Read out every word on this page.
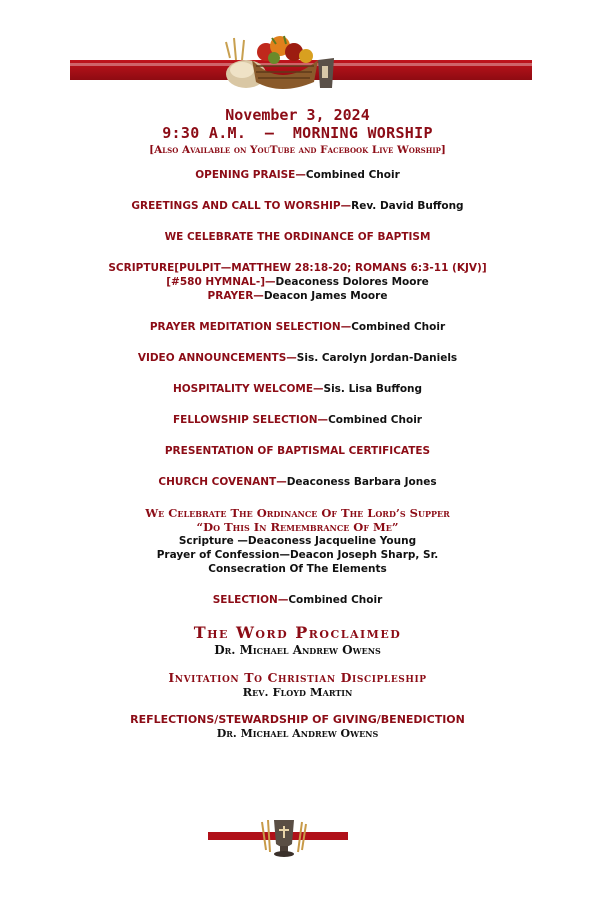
November 3, 2024
9:30 A.M.  —  MORNING WORSHIP
[Also Available on YouTube and Facebook Live Worship]
OPENING PRAISE—Combined Choir
GREETINGS AND CALL TO WORSHIP—Rev. David Buffong
WE CELEBRATE THE ORDINANCE OF BAPTISM
SCRIPTURE[PULPIT—MATTHEW 28:18-20; ROMANS 6:3-11 (KJV)]
[#580 HYMNAL-]—Deaconess Dolores Moore
PRAYER—Deacon James Moore
PRAYER MEDITATION SELECTION—Combined Choir
VIDEO ANNOUNCEMENTS—Sis. Carolyn Jordan-Daniels
HOSPITALITY WELCOME—Sis. Lisa Buffong
FELLOWSHIP SELECTION—Combined Choir
PRESENTATION OF BAPTISMAL CERTIFICATES
CHURCH COVENANT—Deaconess Barbara Jones
We Celebrate The Ordinance Of The Lord’s Supper
“Do This In Remembrance Of Me”
Scripture —Deaconess Jacqueline Young
Prayer of Confession—Deacon Joseph Sharp, Sr.
Consecration Of The Elements
SELECTION—Combined Choir
The Word Proclaimed
Dr. Michael Andrew Owens
Invitation To Christian Discipleship
Rev. Floyd Martin
REFLECTIONS/STEWARDSHIP OF GIVING/BENEDICTION
Dr. Michael Andrew Owens
